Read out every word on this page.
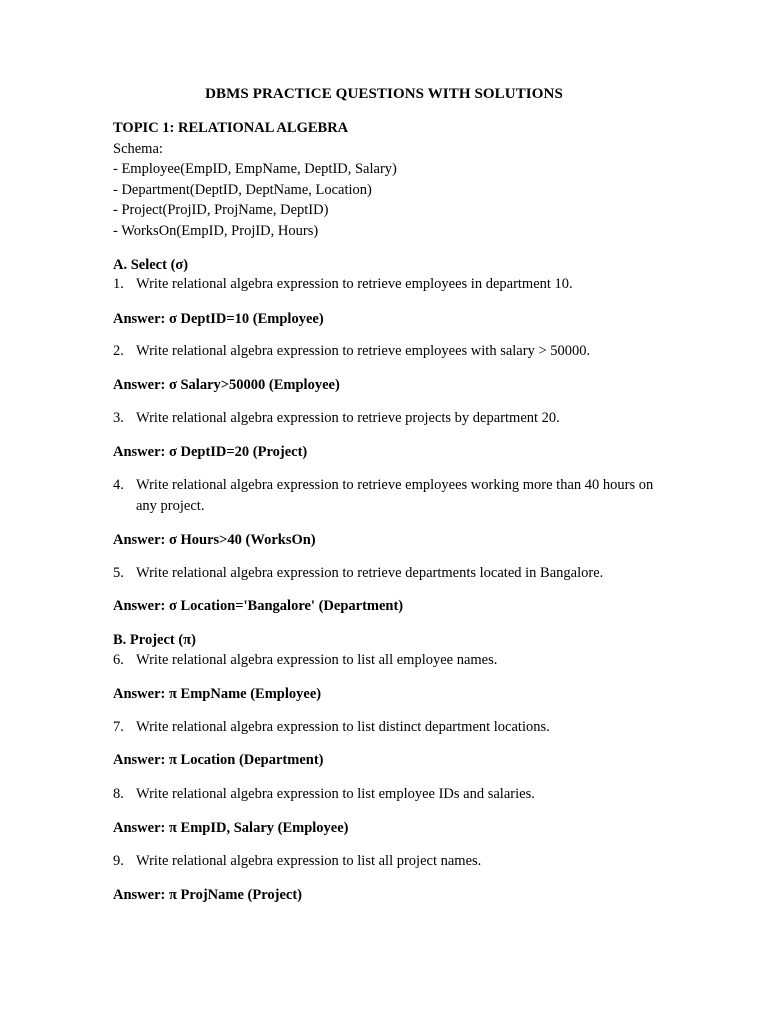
DBMS PRACTICE QUESTIONS WITH SOLUTIONS
TOPIC 1: RELATIONAL ALGEBRA
Schema:
- Employee(EmpID, EmpName, DeptID, Salary)
- Department(DeptID, DeptName, Location)
- Project(ProjID, ProjName, DeptID)
- WorksOn(EmpID, ProjID, Hours)
A. Select (σ)
1. Write relational algebra expression to retrieve employees in department 10.
Answer: σ DeptID=10 (Employee)
2. Write relational algebra expression to retrieve employees with salary > 50000.
Answer: σ Salary>50000 (Employee)
3. Write relational algebra expression to retrieve projects by department 20.
Answer: σ DeptID=20 (Project)
4. Write relational algebra expression to retrieve employees working more than 40 hours on any project.
Answer: σ Hours>40 (WorksOn)
5. Write relational algebra expression to retrieve departments located in Bangalore.
Answer: σ Location='Bangalore' (Department)
B. Project (π)
6. Write relational algebra expression to list all employee names.
Answer: π EmpName (Employee)
7. Write relational algebra expression to list distinct department locations.
Answer: π Location (Department)
8. Write relational algebra expression to list employee IDs and salaries.
Answer: π EmpID, Salary (Employee)
9. Write relational algebra expression to list all project names.
Answer: π ProjName (Project)
